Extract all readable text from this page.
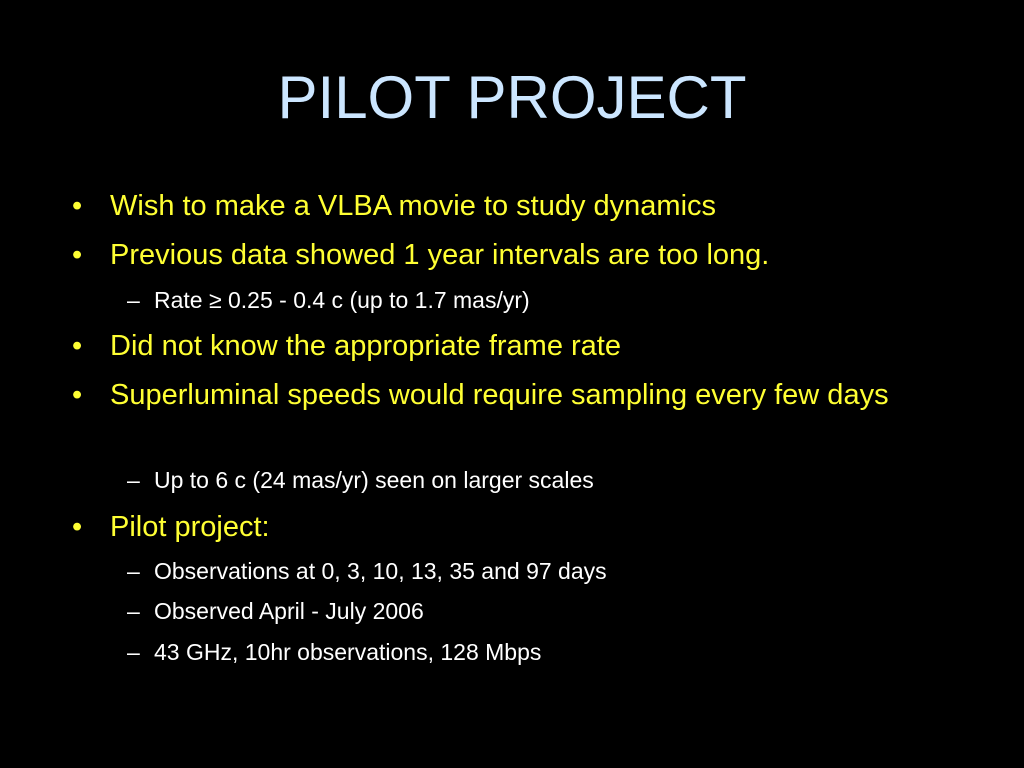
PILOT PROJECT
• Wish to make a VLBA movie to study dynamics
• Previous data showed 1 year intervals are too long.
– Rate ≥ 0.25 - 0.4 c (up to 1.7 mas/yr)
• Did not know the appropriate frame rate
• Superluminal speeds would require sampling every few days
– Up to 6 c (24 mas/yr) seen on larger scales
• Pilot project:
– Observations at 0, 3, 10, 13, 35 and 97 days
– Observed April - July 2006
– 43 GHz, 10hr observations, 128 Mbps
